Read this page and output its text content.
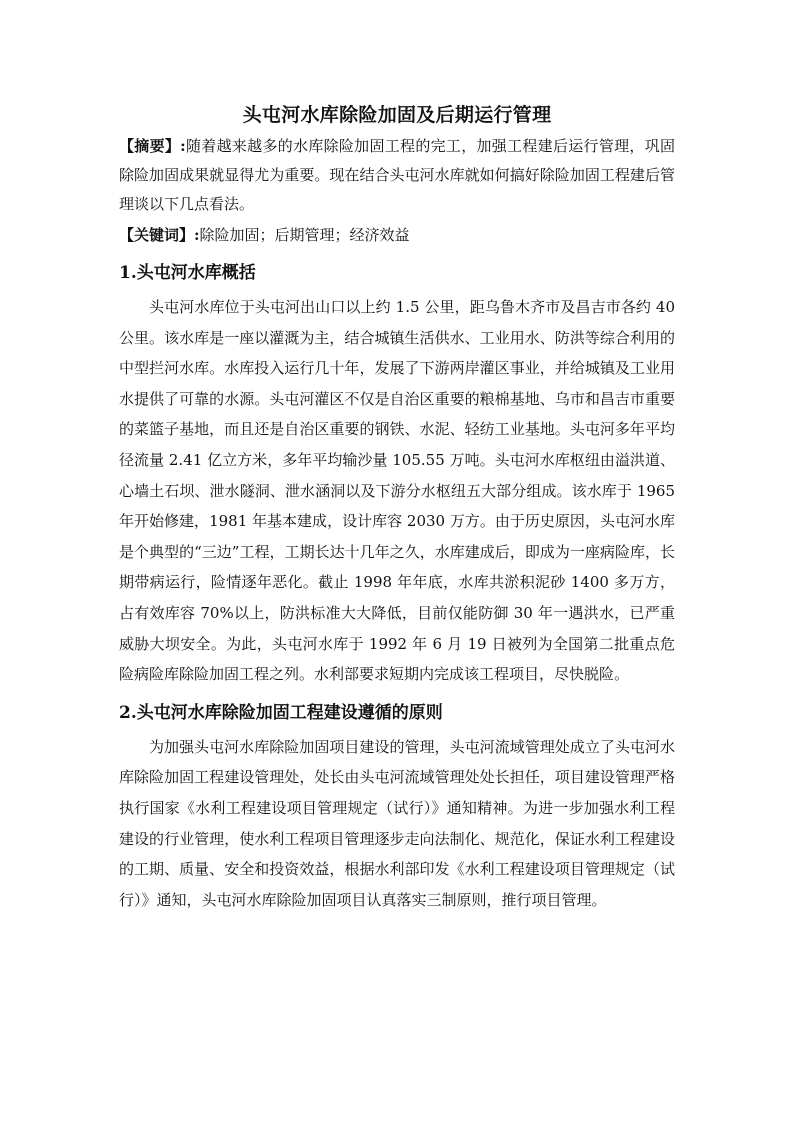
头屯河水库除险加固及后期运行管理

【摘要】:随着越来越多的水库除险加固工程的完工，加强工程建后运行管理，巩固除险加固成果就显得尤为重要。现在结合头屯河水库就如何搞好除险加固工程建后管理谈以下几点看法。

【关键词】:除险加固；后期管理；经济效益

1.头屯河水库概括

头屯河水库位于头屯河出山口以上约 1.5 公里，距乌鲁木齐市及昌吉市各约 40 公里。该水库是一座以灌溉为主，结合城镇生活供水、工业用水、防洪等综合利用的中型拦河水库。水库投入运行几十年，发展了下游两岸灌区事业，并给城镇及工业用水提供了可靠的水源。头屯河灌区不仅是自治区重要的粮棉基地、乌市和昌吉市重要的菜篮子基地，而且还是自治区重要的钢铁、水泥、轻纺工业基地。头屯河多年平均径流量 2.41 亿立方米，多年平均输沙量 105.55 万吨。头屯河水库枢纽由溢洪道、心墙土石坝、泄水隧洞、泄水涵洞以及下游分水枢纽五大部分组成。该水库于 1965 年开始修建，1981 年基本建成，设计库容 2030 万方。由于历史原因，头屯河水库是个典型的“三边”工程，工期长达十几年之久，水库建成后，即成为一座病险库，长期带病运行，险情逐年恶化。截止 1998 年年底，水库共淤积泥砂 1400 多万方，占有效库容 70%以上，防洪标准大大降低，目前仅能防御 30 年一遇洪水，已严重威胁大坝安全。为此，头屯河水库于 1992 年 6 月 19 日被列为全国第二批重点危险病险库除险加固工程之列。水利部要求短期内完成该工程项目，尽快脱险。

2.头屯河水库除险加固工程建设遵循的原则

为加强头屯河水库除险加固项目建设的管理，头屯河流域管理处成立了头屯河水库除险加固工程建设管理处，处长由头屯河流域管理处处长担任，项目建设管理严格执行国家《水利工程建设项目管理规定（试行）》通知精神。为进一步加强水利工程建设的行业管理，使水利工程项目管理逐步走向法制化、规范化，保证水利工程建设的工期、质量、安全和投资效益，根据水利部印发《水利工程建设项目管理规定（试行）》通知，头屯河水库除险加固项目认真落实三制原则，推行项目管理。
